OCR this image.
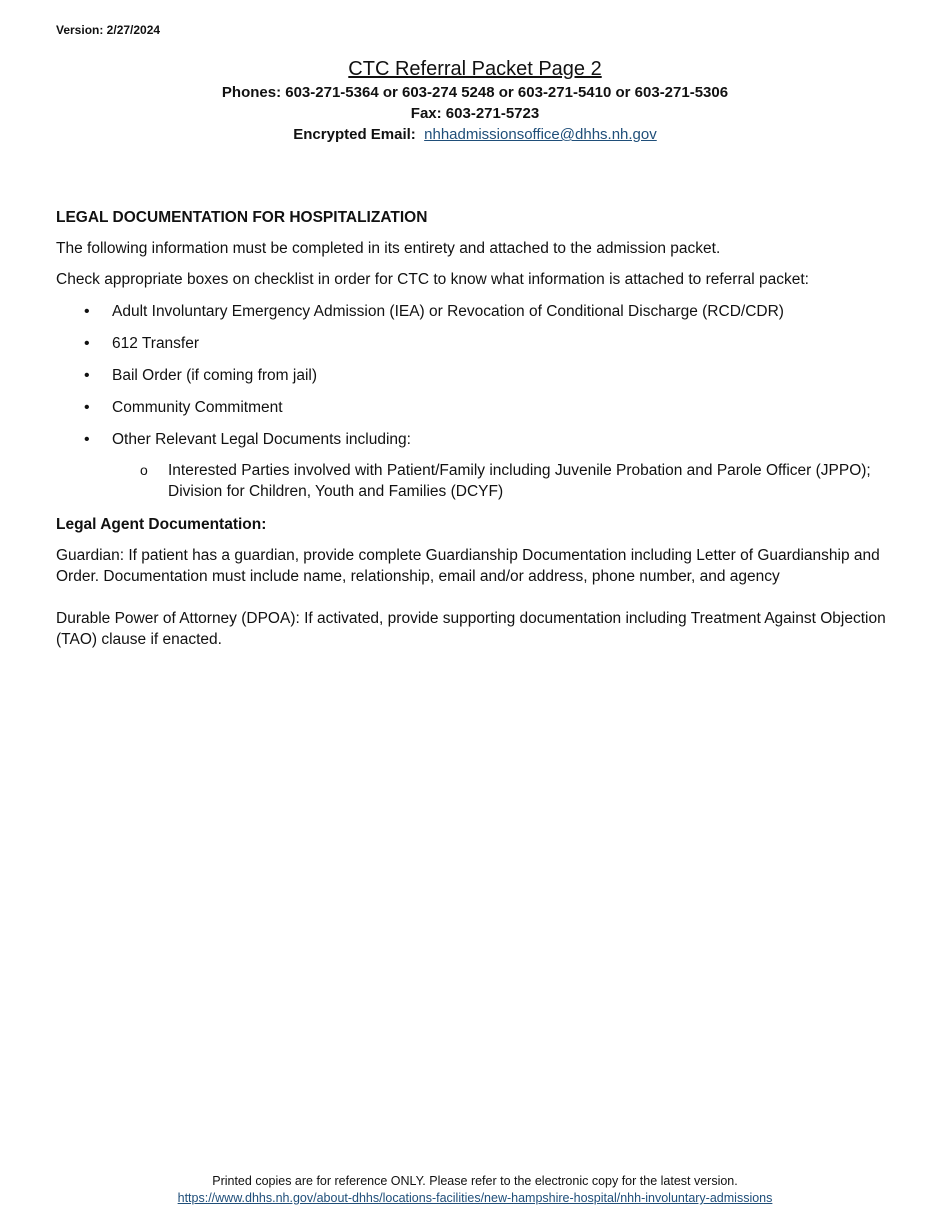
Version: 2/27/2024
CTC Referral Packet Page 2
Phones: 603-271-5364 or 603-274 5248 or 603-271-5410 or 603-271-5306
Fax: 603-271-5723
Encrypted Email: nhhadmissionsoffice@dhhs.nh.gov

LEGAL DOCUMENTATION FOR HOSPITALIZATION

The following information must be completed in its entirety and attached to the admission packet.

Check appropriate boxes on checklist in order for CTC to know what information is attached to referral packet:

• Adult Involuntary Emergency Admission (IEA) or Revocation of Conditional Discharge (RCD/CDR)
• 612 Transfer
• Bail Order (if coming from jail)
• Community Commitment
• Other Relevant Legal Documents including:
o Interested Parties involved with Patient/Family including Juvenile Probation and Parole Officer (JPPO); Division for Children, Youth and Families (DCYF)

Legal Agent Documentation:

Guardian: If patient has a guardian, provide complete Guardianship Documentation including Letter of Guardianship and Order. Documentation must include name, relationship, email and/or address, phone number, and agency

Durable Power of Attorney (DPOA): If activated, provide supporting documentation including Treatment Against Objection (TAO) clause if enacted.

Printed copies are for reference ONLY. Please refer to the electronic copy for the latest version.
https://www.dhhs.nh.gov/about-dhhs/locations-facilities/new-hampshire-hospital/nhh-involuntary-admissions
